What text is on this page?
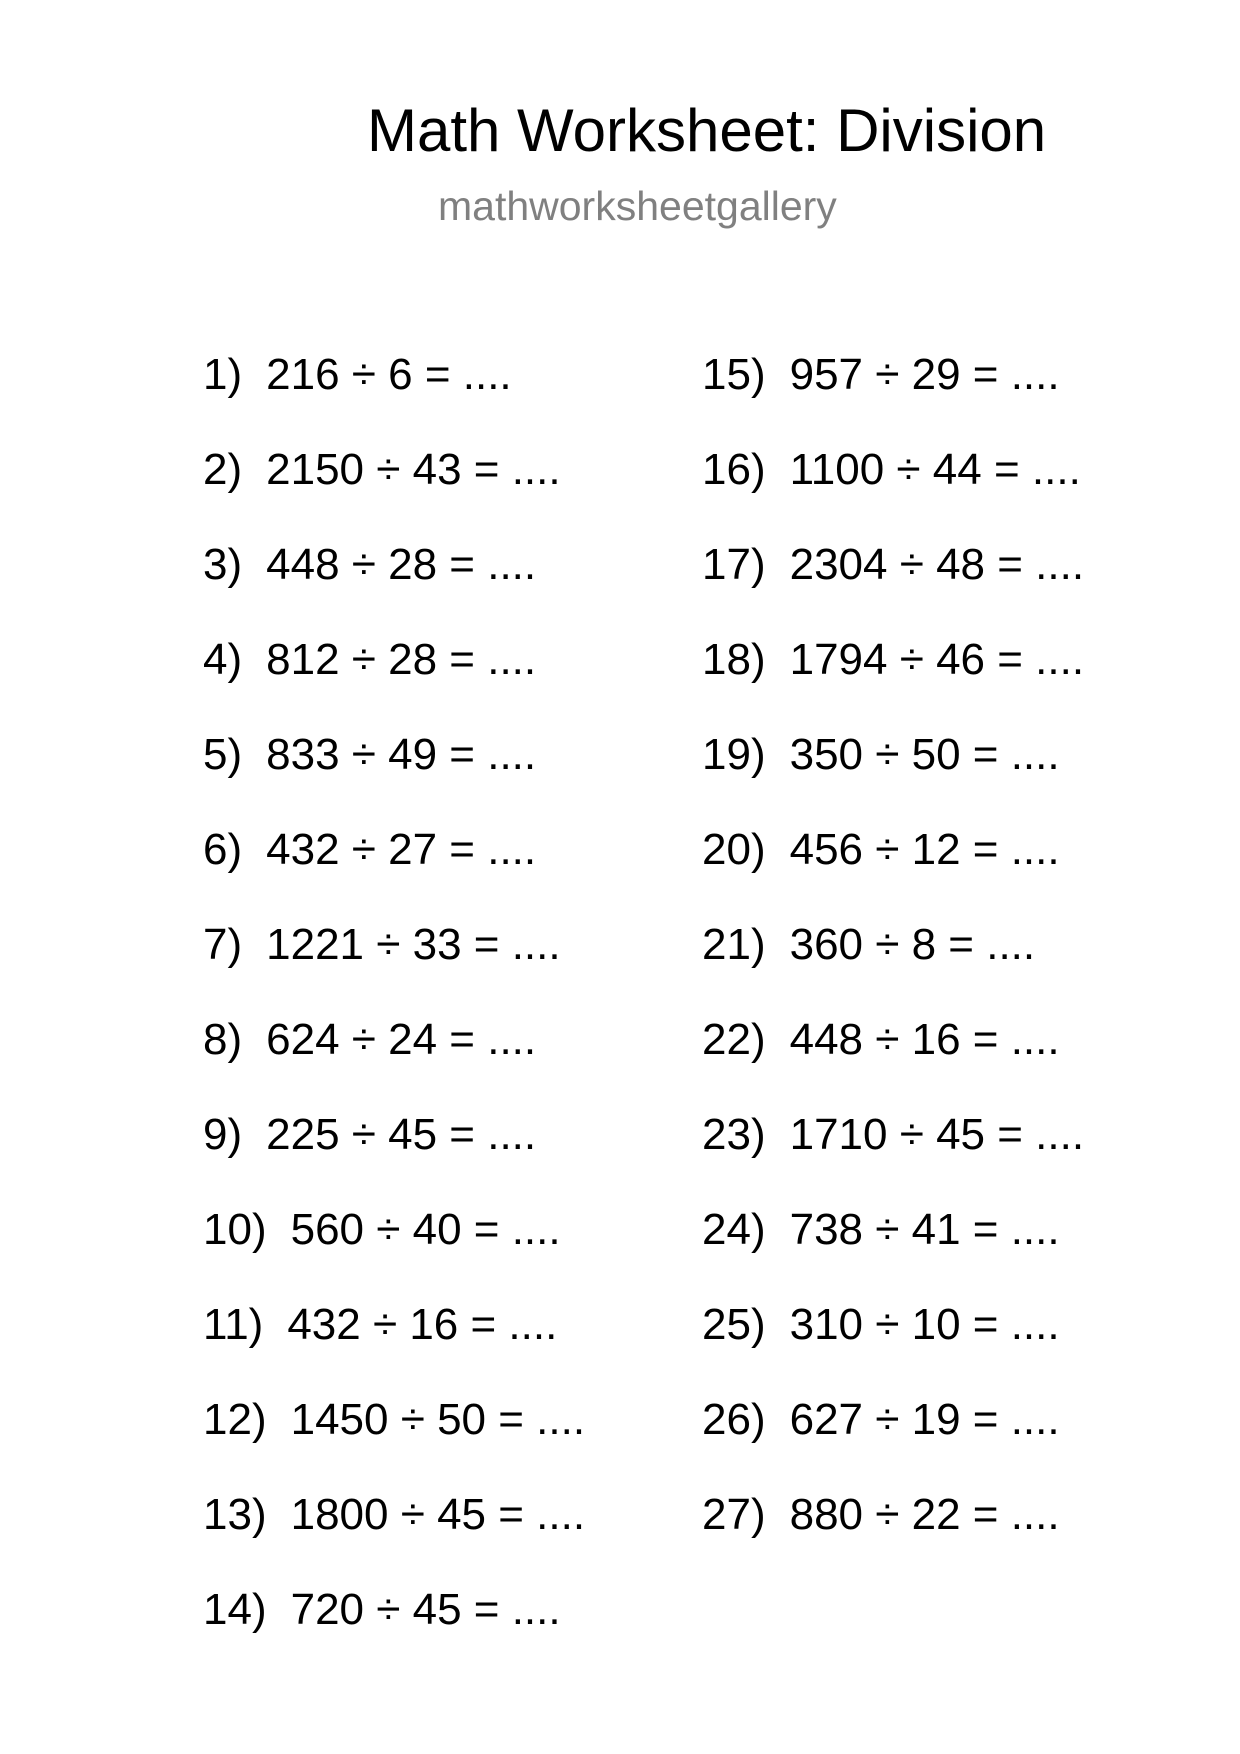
Math Worksheet: Division
mathworksheetgallery
1) 216 ÷ 6 = ....
2) 2150 ÷ 43 = ....
3) 448 ÷ 28 = ....
4) 812 ÷ 28 = ....
5) 833 ÷ 49 = ....
6) 432 ÷ 27 = ....
7) 1221 ÷ 33 = ....
8) 624 ÷ 24 = ....
9) 225 ÷ 45 = ....
10) 560 ÷ 40 = ....
11) 432 ÷ 16 = ....
12) 1450 ÷ 50 = ....
13) 1800 ÷ 45 = ....
14) 720 ÷ 45 = ....
15) 957 ÷ 29 = ....
16) 1100 ÷ 44 = ....
17) 2304 ÷ 48 = ....
18) 1794 ÷ 46 = ....
19) 350 ÷ 50 = ....
20) 456 ÷ 12 = ....
21) 360 ÷ 8 = ....
22) 448 ÷ 16 = ....
23) 1710 ÷ 45 = ....
24) 738 ÷ 41 = ....
25) 310 ÷ 10 = ....
26) 627 ÷ 19 = ....
27) 880 ÷ 22 = ....
